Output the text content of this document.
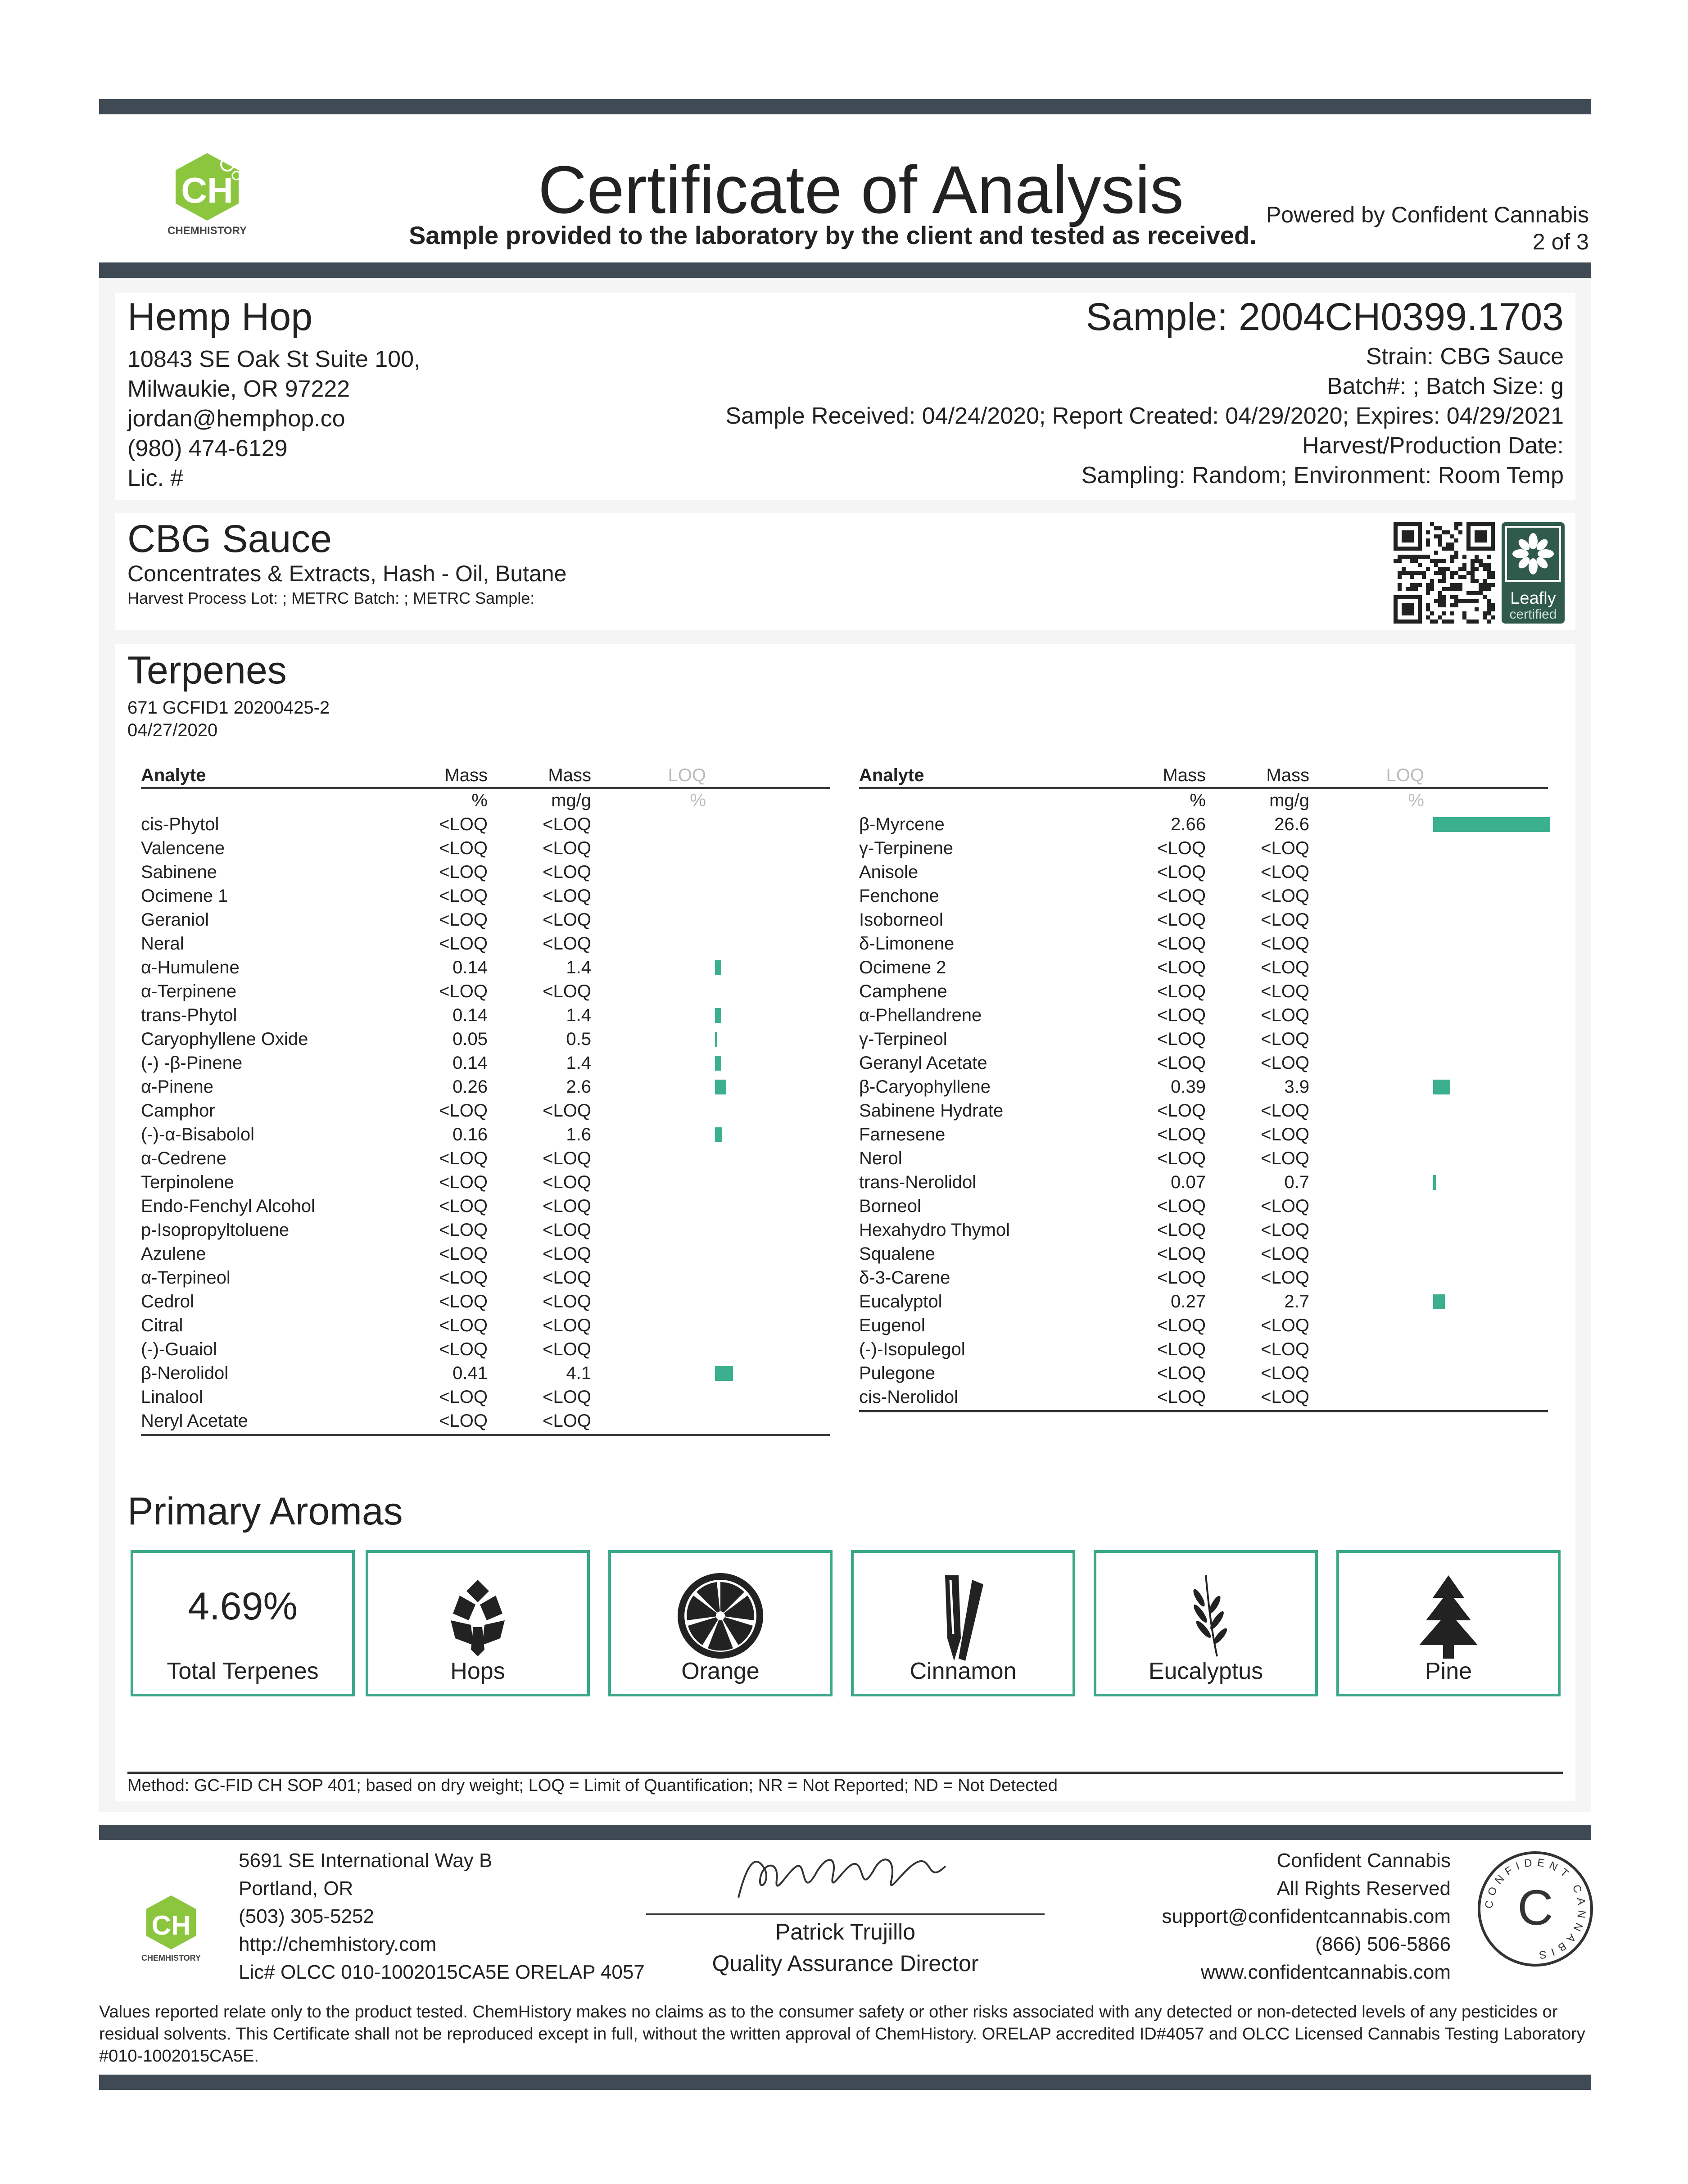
CH
CHEMHISTORY
Certificate of Analysis
Sample provided to the laboratory by the client and tested as received.
Powered by Confident Cannabis
2 of 3
Hemp Hop
10843 SE Oak St Suite 100,
Milwaukie, OR 97222
jordan@hemphop.co
(980) 474-6129
Lic. #
Sample: 2004CH0399.1703
Strain: CBG Sauce
Batch#: ; Batch Size: g
Sample Received: 04/24/2020; Report Created: 04/29/2020; Expires: 04/29/2021
Harvest/Production Date:
Sampling: Random; Environment: Room Temp
CBG Sauce
Concentrates & Extracts, Hash - Oil, Butane
Harvest Process Lot: ; METRC Batch: ; METRC Sample:	Leafly
certified
Terpenes
671 GCFID1 20200425-2
04/27/2020
Analyte	Mass	Mass	LOQ
%	mg/g	%
cis-Phytol	<LOQ	<LOQ
Valencene	<LOQ	<LOQ
Sabinene	<LOQ	<LOQ
Ocimene 1	<LOQ	<LOQ
Geraniol	<LOQ	<LOQ
Neral	<LOQ	<LOQ
α-Humulene	0.14	1.4
α-Terpinene	<LOQ	<LOQ
trans-Phytol	0.14	1.4
Caryophyllene Oxide	0.05	0.5
(-) -β-Pinene	0.14	1.4
α-Pinene	0.26	2.6
Camphor	<LOQ	<LOQ
(-)-α-Bisabolol	0.16	1.6
α-Cedrene	<LOQ	<LOQ
Terpinolene	<LOQ	<LOQ
Endo-Fenchyl Alcohol	<LOQ	<LOQ
p-Isopropyltoluene	<LOQ	<LOQ
Azulene	<LOQ	<LOQ
α-Terpineol	<LOQ	<LOQ
Cedrol	<LOQ	<LOQ
Citral	<LOQ	<LOQ
(-)-Guaiol	<LOQ	<LOQ
β-Nerolidol	0.41	4.1
Linalool	<LOQ	<LOQ
Neryl Acetate	<LOQ	<LOQ
Analyte	Mass	Mass	LOQ
%	mg/g	%
β-Myrcene	2.66	26.6
γ-Terpinene	<LOQ	<LOQ
Anisole	<LOQ	<LOQ
Fenchone	<LOQ	<LOQ
Isoborneol	<LOQ	<LOQ
δ-Limonene	<LOQ	<LOQ
Ocimene 2	<LOQ	<LOQ
Camphene	<LOQ	<LOQ
α-Phellandrene	<LOQ	<LOQ
γ-Terpineol	<LOQ	<LOQ
Geranyl Acetate	<LOQ	<LOQ
β-Caryophyllene	0.39	3.9
Sabinene Hydrate	<LOQ	<LOQ
Farnesene	<LOQ	<LOQ
Nerol	<LOQ	<LOQ
trans-Nerolidol	0.07	0.7
Borneol	<LOQ	<LOQ
Hexahydro Thymol	<LOQ	<LOQ
Squalene	<LOQ	<LOQ
δ-3-Carene	<LOQ	<LOQ
Eucalyptol	0.27	2.7
Eugenol	<LOQ	<LOQ
(-)-Isopulegol	<LOQ	<LOQ
Pulegone	<LOQ	<LOQ
cis-Nerolidol	<LOQ	<LOQ
Primary Aromas
4.69%
Total Terpenes	Hops	Orange	Cinnamon	Eucalyptus	Pine
Method: GC-FID CH SOP 401; based on dry weight; LOQ = Limit of Quantification; NR = Not Reported; ND = Not Detected
CH
CHEMHISTORY
5691 SE International Way B
Portland, OR
(503) 305-5252
http://chemhistory.com
Lic# OLCC 010-1002015CA5E ORELAP 4057
Patrick Trujillo
Quality Assurance Director
Confident Cannabis
All Rights Reserved
support@confidentcannabis.com
(866) 506-5866
www.confidentcannabis.com
CONFIDENT CANNABIS
C
Values reported relate only to the product tested. ChemHistory makes no claims as to the consumer safety or other risks associated with any detected or non-detected levels of any pesticides or residual solvents. This Certificate shall not be reproduced except in full, without the written approval of ChemHistory. ORELAP accredited ID#4057 and OLCC Licensed Cannabis Testing Laboratory #010-1002015CA5E.
